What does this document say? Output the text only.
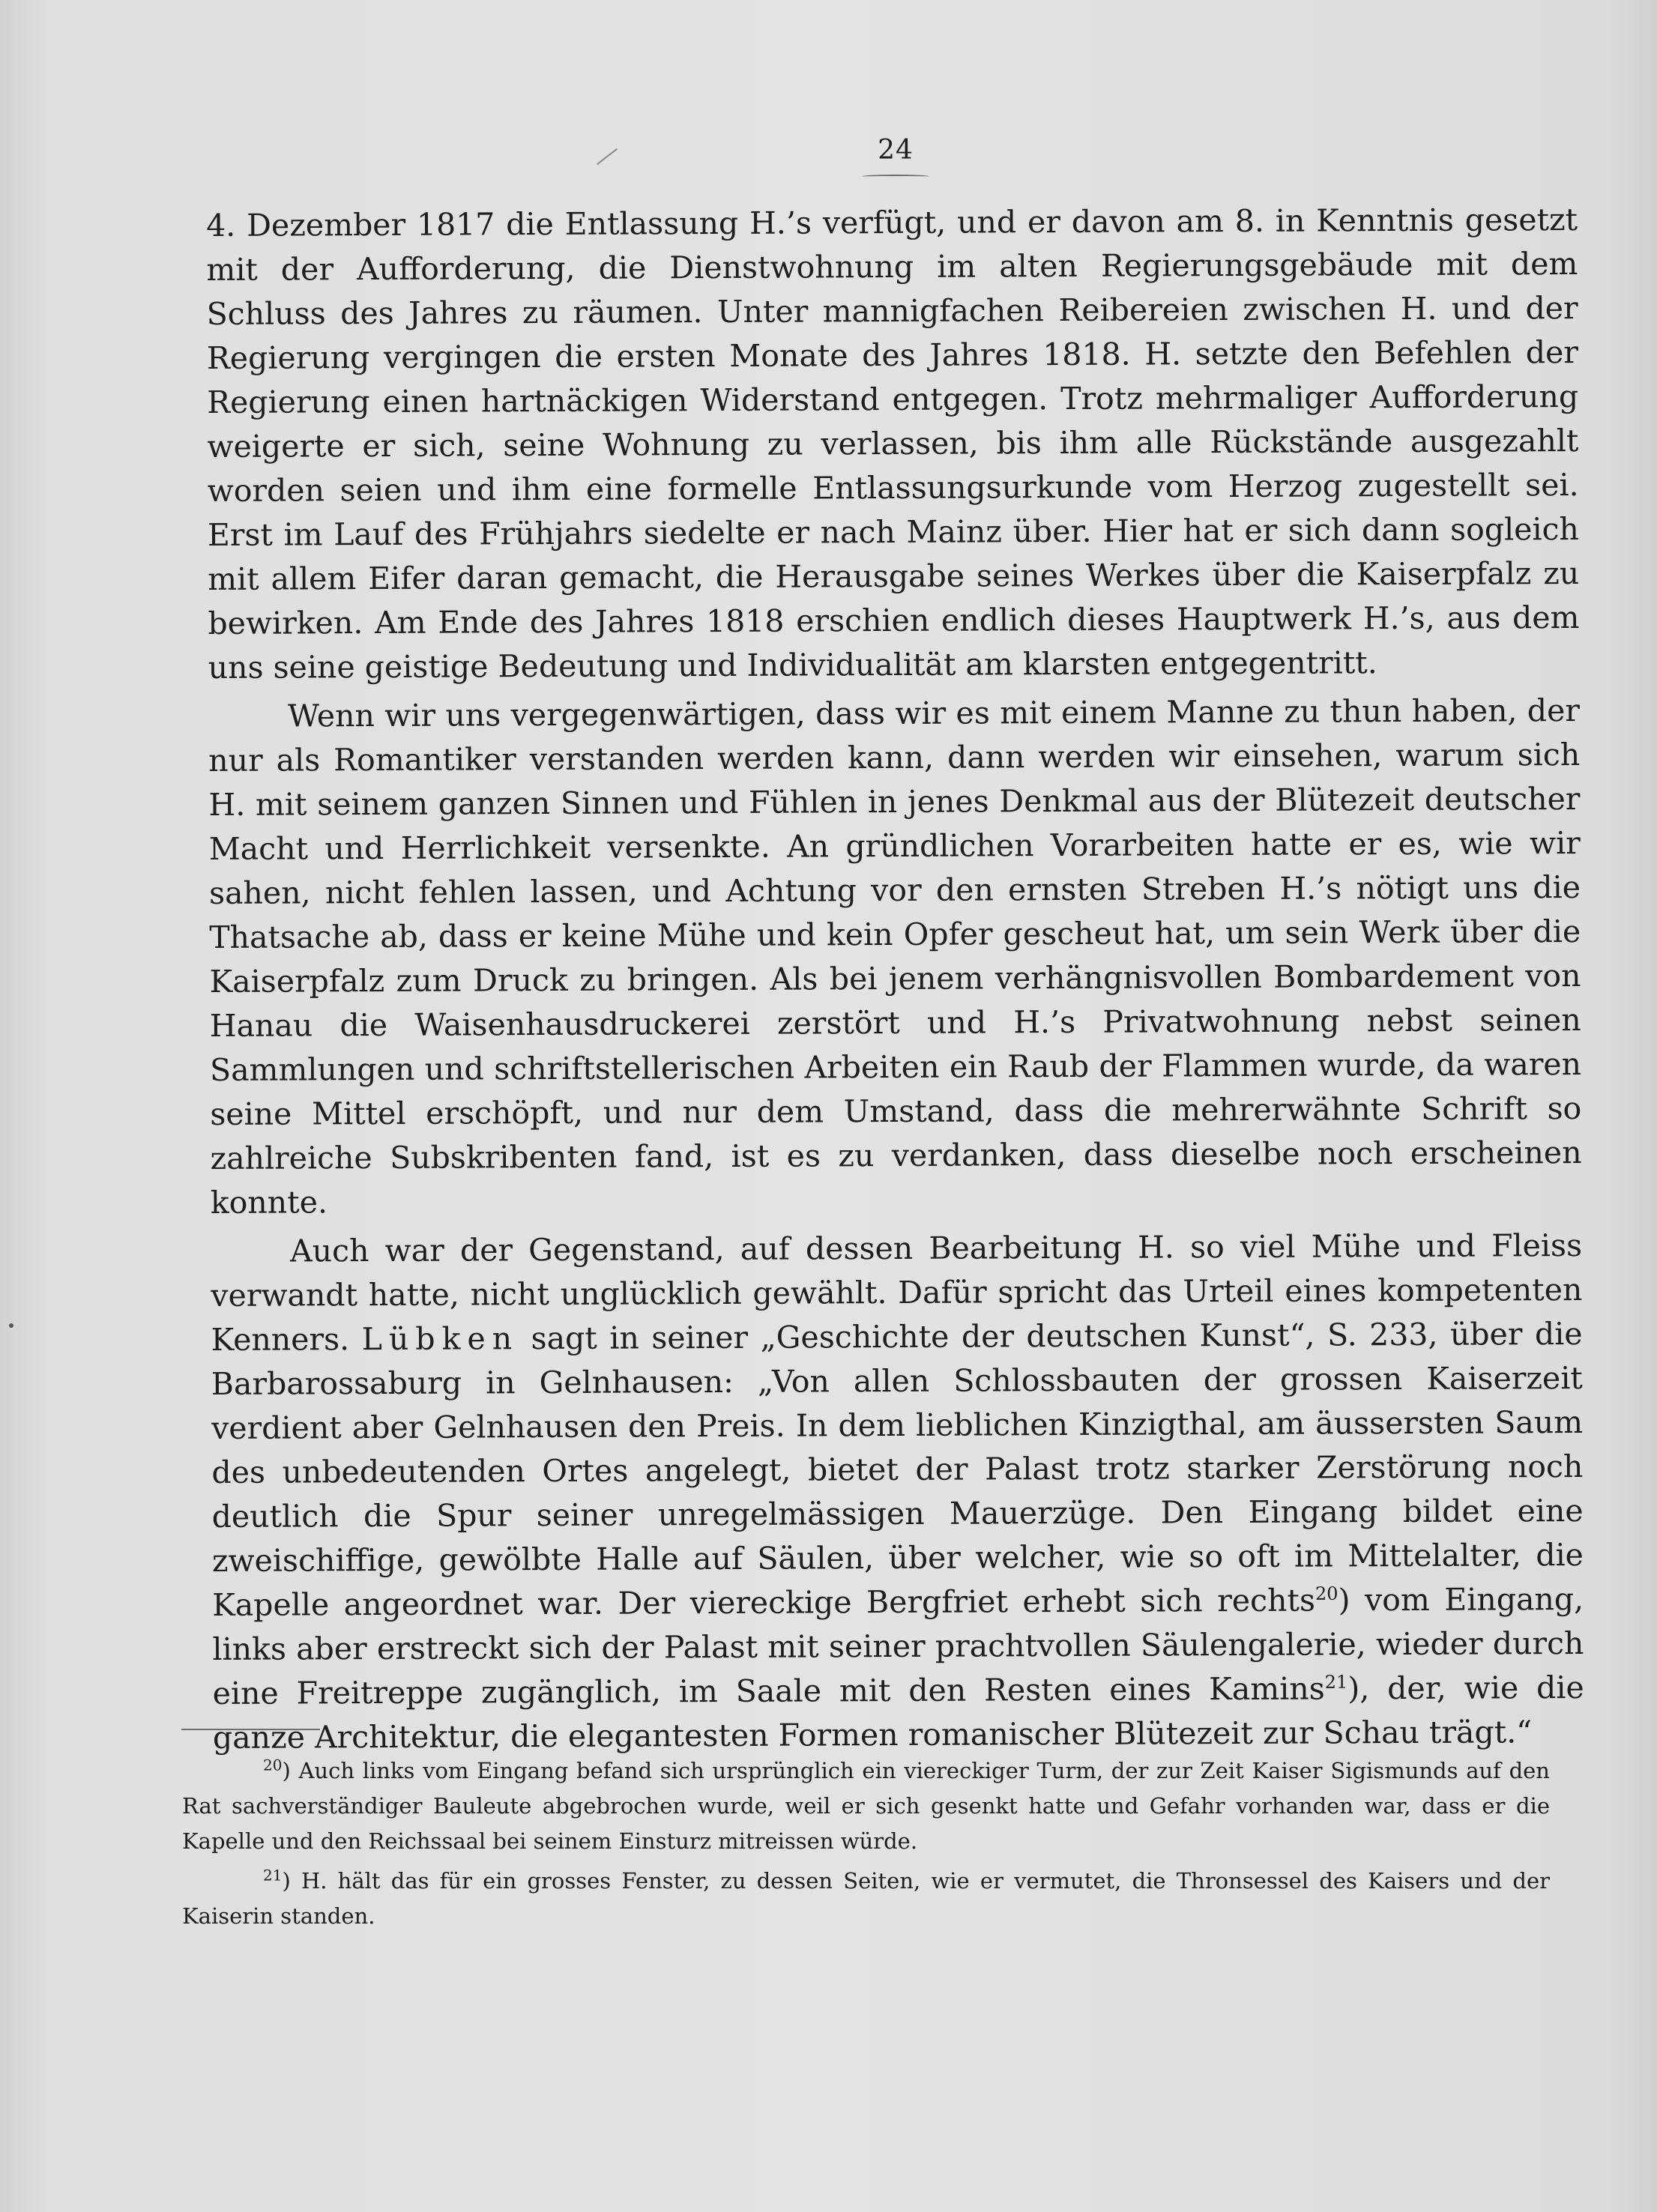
24

4. Dezember 1817 die Entlassung H.’s verfügt, und er davon am 8. in Kenntnis gesetzt mit der Aufforderung, die Dienstwohnung im alten Regierungsgebäude mit dem Schluss des Jahres zu räumen. Unter mannigfachen Reibereien zwischen H. und der Regierung vergingen die ersten Monate des Jahres 1818. H. setzte den Befehlen der Regierung einen hartnäckigen Widerstand entgegen. Trotz mehrmaliger Aufforderung weigerte er sich, seine Wohnung zu verlassen, bis ihm alle Rückstände ausgezahlt worden seien und ihm eine formelle Entlassungsurkunde vom Herzog zugestellt sei. Erst im Lauf des Frühjahrs siedelte er nach Mainz über. Hier hat er sich dann sogleich mit allem Eifer daran gemacht, die Herausgabe seines Werkes über die Kaiserpfalz zu bewirken. Am Ende des Jahres 1818 erschien endlich dieses Hauptwerk H.’s, aus dem uns seine geistige Bedeutung und Individualität am klarsten entgegentritt.

Wenn wir uns vergegenwärtigen, dass wir es mit einem Manne zu thun haben, der nur als Romantiker verstanden werden kann, dann werden wir einsehen, warum sich H. mit seinem ganzen Sinnen und Fühlen in jenes Denkmal aus der Blütezeit deutscher Macht und Herrlichkeit versenkte. An gründlichen Vorarbeiten hatte er es, wie wir sahen, nicht fehlen lassen, und Achtung vor den ernsten Streben H.’s nötigt uns die Thatsache ab, dass er keine Mühe und kein Opfer gescheut hat, um sein Werk über die Kaiserpfalz zum Druck zu bringen. Als bei jenem verhängnisvollen Bombardement von Hanau die Waisenhausdruckerei zerstört und H.’s Privatwohnung nebst seinen Sammlungen und schriftstellerischen Arbeiten ein Raub der Flammen wurde, da waren seine Mittel erschöpft, und nur dem Umstand, dass die mehrerwähnte Schrift so zahlreiche Subskribenten fand, ist es zu verdanken, dass dieselbe noch erscheinen konnte.

Auch war der Gegenstand, auf dessen Bearbeitung H. so viel Mühe und Fleiss verwandt hatte, nicht unglücklich gewählt. Dafür spricht das Urteil eines kompetenten Kenners. Lübken sagt in seiner „Geschichte der deutschen Kunst“, S. 233, über die Barbarossaburg in Gelnhausen: „Von allen Schlossbauten der grossen Kaiserzeit verdient aber Gelnhausen den Preis. In dem lieblichen Kinzigthal, am äussersten Saum des unbedeutenden Ortes angelegt, bietet der Palast trotz starker Zerstörung noch deutlich die Spur seiner unregelmässigen Mauerzüge. Den Eingang bildet eine zweischiffige, gewölbte Halle auf Säulen, über welcher, wie so oft im Mittelalter, die Kapelle angeordnet war. Der viereckige Bergfriet erhebt sich rechts$^{20}$) vom Eingang, links aber erstreckt sich der Palast mit seiner prachtvollen Säulengalerie, wieder durch eine Freitreppe zugänglich, im Saale mit den Resten eines Kamins$^{21}$), der, wie die ganze Architektur, die elegantesten Formen romanischer Blütezeit zur Schau trägt.“

$^{20}$) Auch links vom Eingang befand sich ursprünglich ein viereckiger Turm, der zur Zeit Kaiser Sigismunds auf den Rat sachverständiger Bauleute abgebrochen wurde, weil er sich gesenkt hatte und Gefahr vorhanden war, dass er die Kapelle und den Reichssaal bei seinem Einsturz mitreissen würde.

$^{21}$) H. hält das für ein grosses Fenster, zu dessen Seiten, wie er vermutet, die Thronsessel des Kaisers und der Kaiserin standen.
